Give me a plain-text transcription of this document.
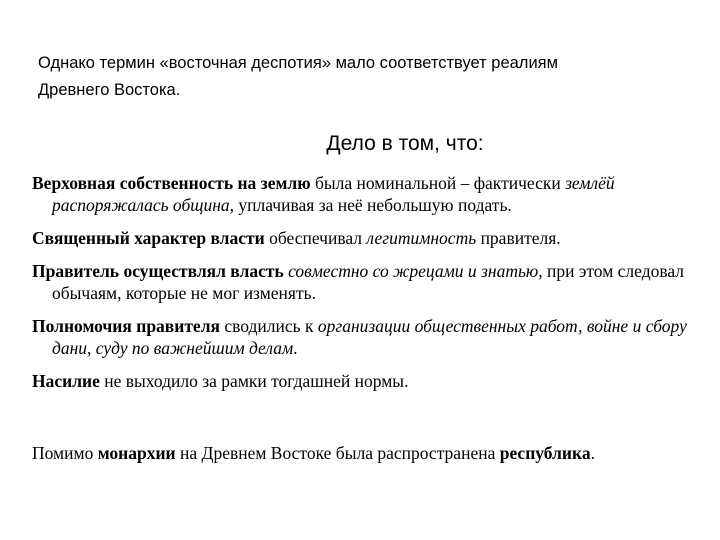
Однако термин «восточная деспотия» мало соответствует реалиям
Древнего Востока.
Дело в том, что:
Верховная собственность на землю была номинальной – фактически землёй распоряжалась община, уплачивая за неё небольшую подать.
Священный характер власти обеспечивал легитимность правителя.
Правитель осуществлял власть совместно со жрецами и знатью, при этом следовал обычаям, которые не мог изменять.
Полномочия правителя сводились к организации общественных работ, войне и сбору дани, суду по важнейшим делам.
Насилие не выходило за рамки тогдашней нормы.
Помимо монархии на Древнем Востоке была распространена республика.
